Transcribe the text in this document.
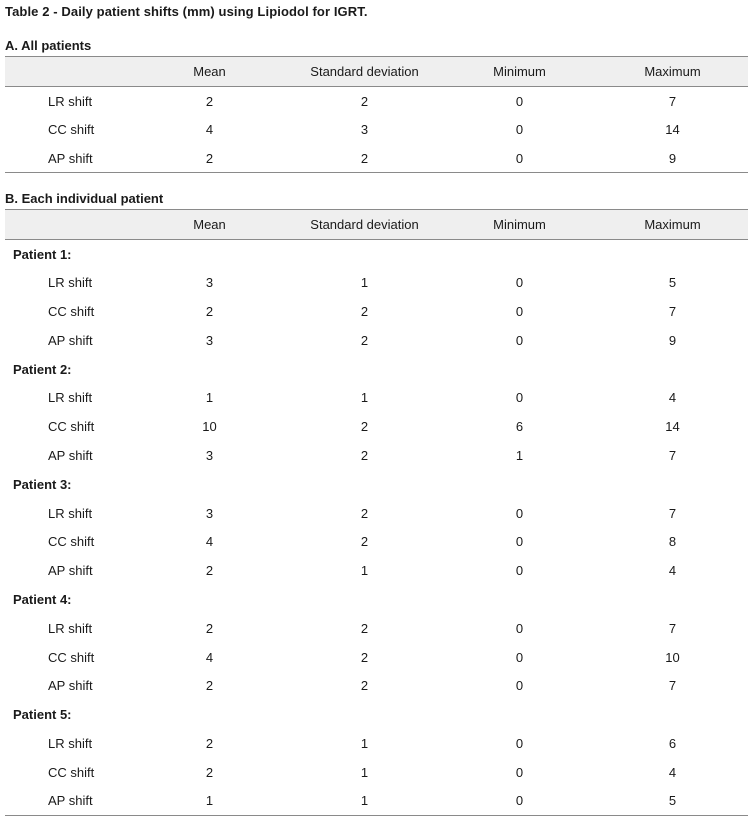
Table 2 - Daily patient shifts (mm) using Lipiodol for IGRT.
A. All patients
	Mean	Standard deviation	Minimum	Maximum
LR shift	2	2	0	7
CC shift	4	3	0	14
AP shift	2	2	0	9
B. Each individual patient
	Mean	Standard deviation	Minimum	Maximum
Patient 1:				
LR shift	3	1	0	5
CC shift	2	2	0	7
AP shift	3	2	0	9
Patient 2:				
LR shift	1	1	0	4
CC shift	10	2	6	14
AP shift	3	2	1	7
Patient 3:				
LR shift	3	2	0	7
CC shift	4	2	0	8
AP shift	2	1	0	4
Patient 4:				
LR shift	2	2	0	7
CC shift	4	2	0	10
AP shift	2	2	0	7
Patient 5:				
LR shift	2	1	0	6
CC shift	2	1	0	4
AP shift	1	1	0	5
